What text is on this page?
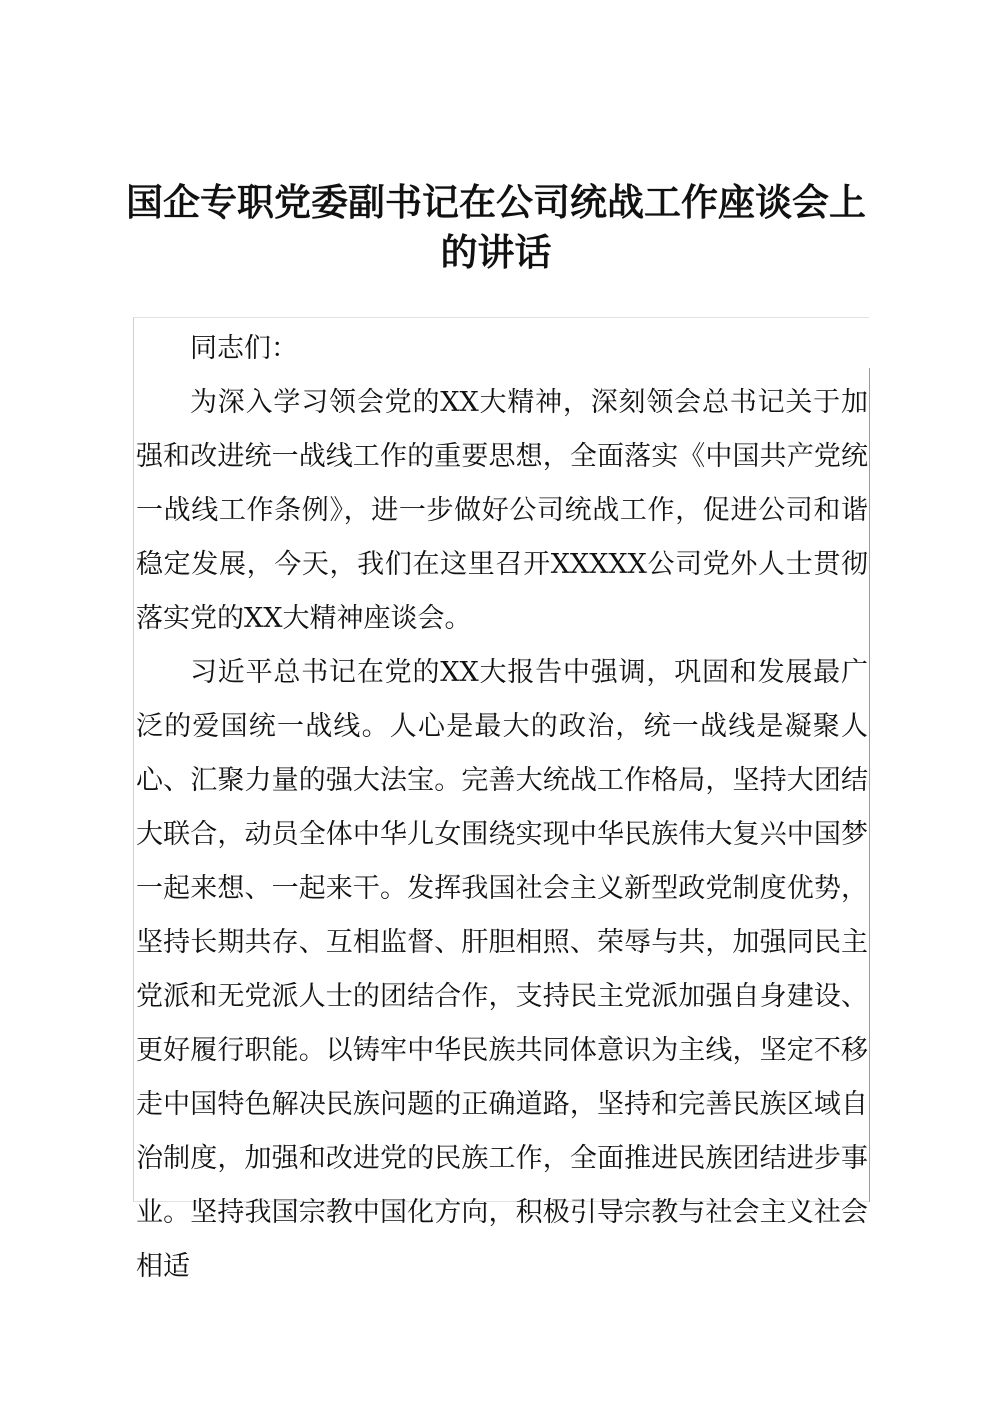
国企专职党委副书记在公司统战工作座谈会上的讲话

同志们：

为深入学习领会党的XX大精神，深刻领会总书记关于加强和改进统一战线工作的重要思想，全面落实《中国共产党统一战线工作条例》，进一步做好公司统战工作，促进公司和谐稳定发展，今天，我们在这里召开XXXXX公司党外人士贯彻落实党的XX大精神座谈会。

习近平总书记在党的XX大报告中强调，巩固和发展最广泛的爱国统一战线。人心是最大的政治，统一战线是凝聚人心、汇聚力量的强大法宝。完善大统战工作格局，坚持大团结大联合，动员全体中华儿女围绕实现中华民族伟大复兴中国梦一起来想、一起来干。发挥我国社会主义新型政党制度优势，坚持长期共存、互相监督、肝胆相照、荣辱与共，加强同民主党派和无党派人士的团结合作，支持民主党派加强自身建设、更好履行职能。以铸牢中华民族共同体意识为主线，坚定不移走中国特色解决民族问题的正确道路，坚持和完善民族区域自治制度，加强和改进党的民族工作，全面推进民族团结进步事业。坚持我国宗教中国化方向，积极引导宗教与社会主义社会相适
